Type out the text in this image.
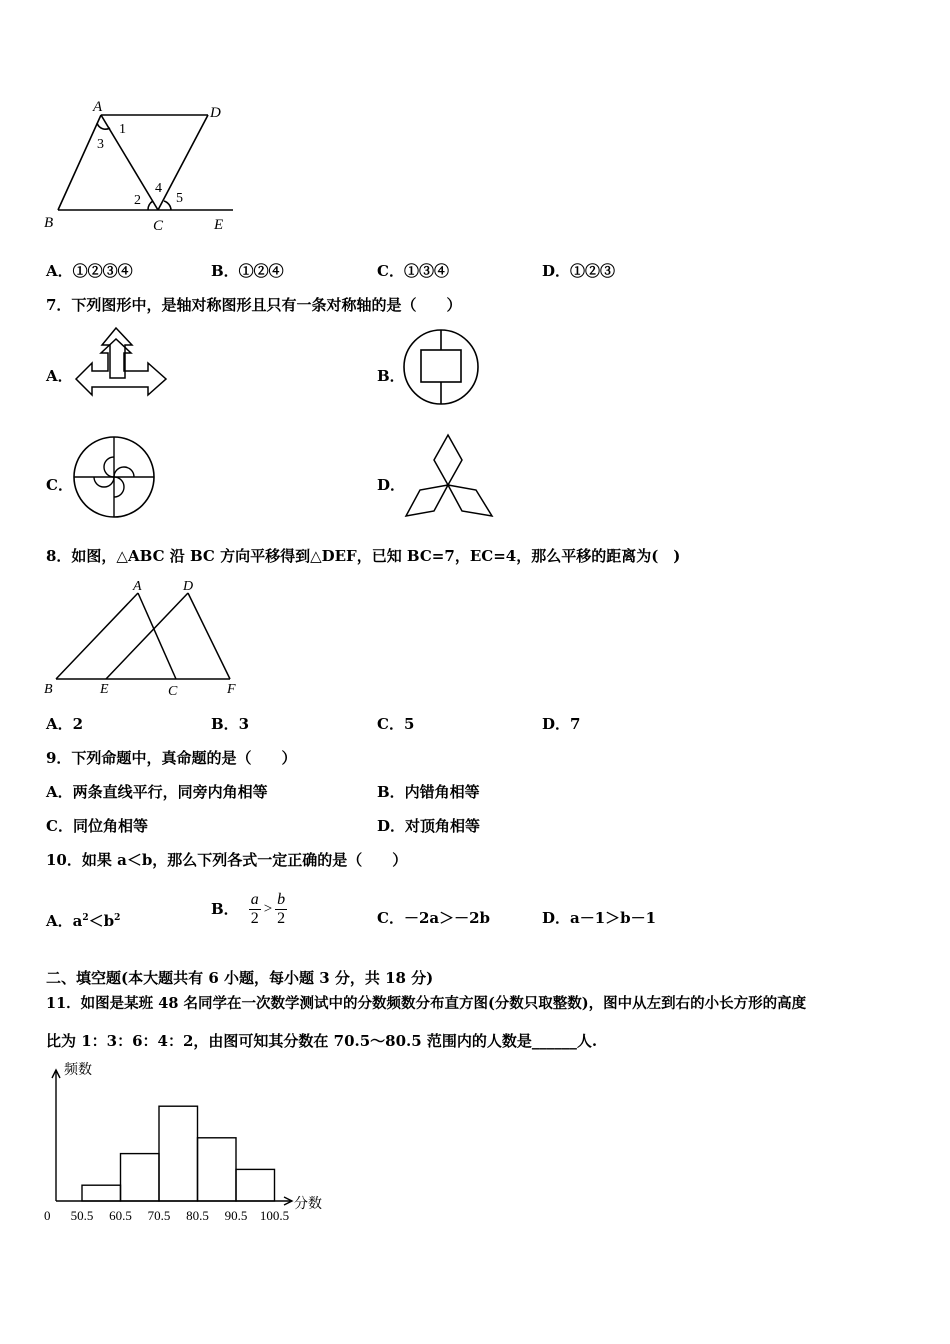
A	D
B	C	E
1
3
2
4
5
A．①②③④	B．①②④	C．①③④	D．①②③
7．下列图形中，是轴对称图形且只有一条对称轴的是（　　）
A．	B．
C．	D．
8．如图，△ABC 沿 BC 方向平移得到△DEF，已知 BC=7，EC=4，那么平移的距离为(　)
A	D
B	E	C	F
A．2	B．3	C．5	D．7
9．下列命题中，真命题的是（　　）
A．两条直线平行，同旁内角相等	B．内错角相等
C．同位角相等	D．对顶角相等
10．如果 a＜b，那么下列各式一定正确的是（　　）
A．$a^2<b^2$	B． $\frac{a}{2} > \frac{b}{2}$	C．－2a＞－2b	D．a－1＞b－1
二、填空题(本大题共有 6 小题，每小题 3 分，共 18 分)
11．如图是某班 48 名同学在一次数学测试中的分数频数分布直方图(分数只取整数)，图中从左到右的小长方形的高度
比为 1：3：6：4：2，由图可知其分数在 70.5～80.5 范围内的人数是______人.
50.5 60.5 70.5 80.5 90.5 100.5
频数
分数
0
